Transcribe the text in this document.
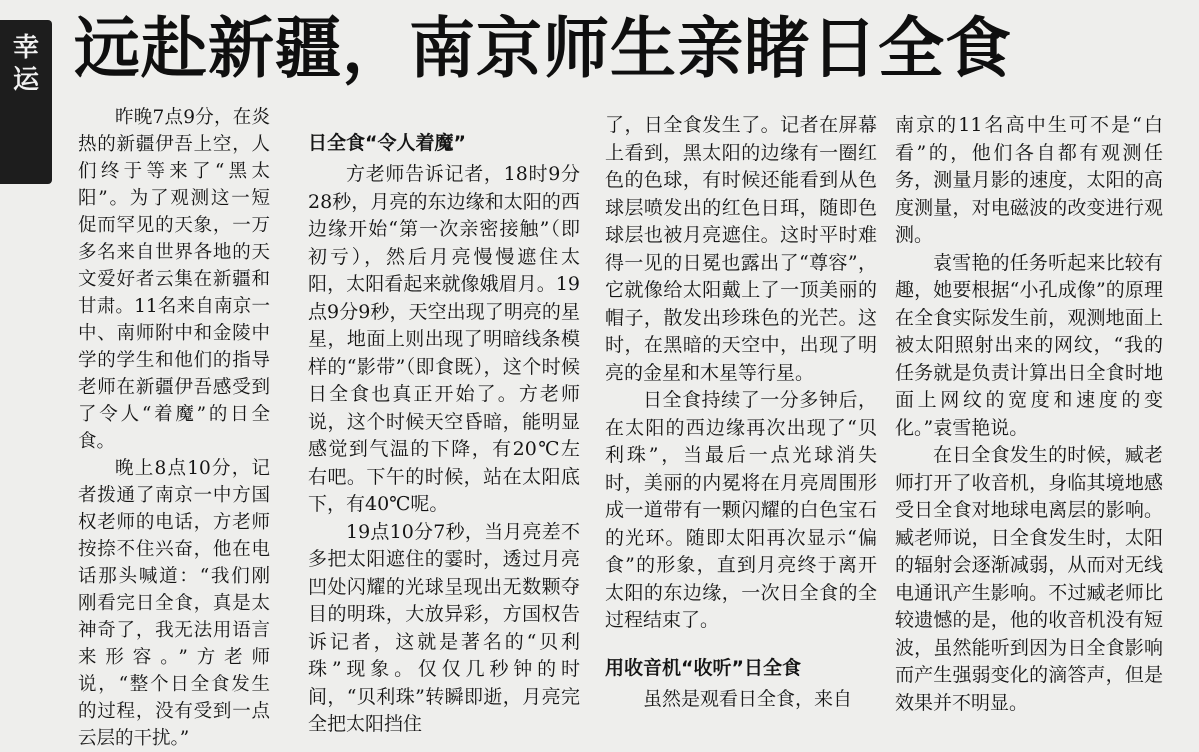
幸
运 远赴新疆，南京师生亲睹日全食

昨晚7点9分，在炎热的新疆伊吾上空，人们终于等来了“黑太阳”。为了观测这一短促而罕见的天象，一万多名来自世界各地的天文爱好者云集在新疆和甘肃。11名来自南京一中、南师附中和金陵中学的学生和他们的指导老师在新疆伊吾感受到了令人“着魔”的日全食。

晚上8点10分，记者拨通了南京一中方国权老师的电话，方老师按捺不住兴奋，他在电话那头喊道：“我们刚刚看完日全食，真是太神奇了，我无法用语言来形容。”方老师说，“整个日全食发生的过程，没有受到一点云层的干扰。”

日全食“令人着魔”

方老师告诉记者，18时9分28秒，月亮的东边缘和太阳的西边缘开始“第一次亲密接触”（即初亏），然后月亮慢慢遮住太阳，太阳看起来就像娥眉月。19点9分9秒，天空出现了明亮的星星，地面上则出现了明暗线条模样的“影带”（即食既），这个时候日全食也真正开始了。方老师说，这个时候天空昏暗，能明显感觉到气温的下降，有20℃左右吧。下午的时候，站在太阳底下，有40℃呢。

19点10分7秒，当月亮差不多把太阳遮住的霎时，透过月亮凹处闪耀的光球呈现出无数颗夺目的明珠，大放异彩，方国权告诉记者，这就是著名的“贝利珠”现象。仅仅几秒钟的时间，“贝利珠”转瞬即逝，月亮完全把太阳挡住

了，日全食发生了。记者在屏幕上看到，黑太阳的边缘有一圈红色的色球，有时候还能看到从色球层喷发出的红色日珥，随即色球层也被月亮遮住。这时平时难得一见的日冕也露出了“尊容”，它就像给太阳戴上了一顶美丽的帽子，散发出珍珠色的光芒。这时，在黑暗的天空中，出现了明亮的金星和木星等行星。

日全食持续了一分多钟后，在太阳的西边缘再次出现了“贝利珠”，当最后一点光球消失时，美丽的内冕将在月亮周围形成一道带有一颗闪耀的白色宝石的光环。随即太阳再次显示“偏食”的形象，直到月亮终于离开太阳的东边缘，一次日全食的全过程结束了。

用收音机“收听”日全食

虽然是观看日全食，来自

南京的11名高中生可不是“白看”的，他们各自都有观测任务，测量月影的速度，太阳的高度测量，对电磁波的改变进行观测。

袁雪艳的任务听起来比较有趣，她要根据“小孔成像”的原理在全食实际发生前，观测地面上被太阳照射出来的网纹，“我的任务就是负责计算出日全食时地面上网纹的宽度和速度的变化。”袁雪艳说。

在日全食发生的时候，臧老师打开了收音机，身临其境地感受日全食对地球电离层的影响。臧老师说，日全食发生时，太阳的辐射会逐渐减弱，从而对无线电通讯产生影响。不过臧老师比较遗憾的是，他的收音机没有短波，虽然能听到因为日全食影响而产生强弱变化的滴答声，但是效果并不明显。
